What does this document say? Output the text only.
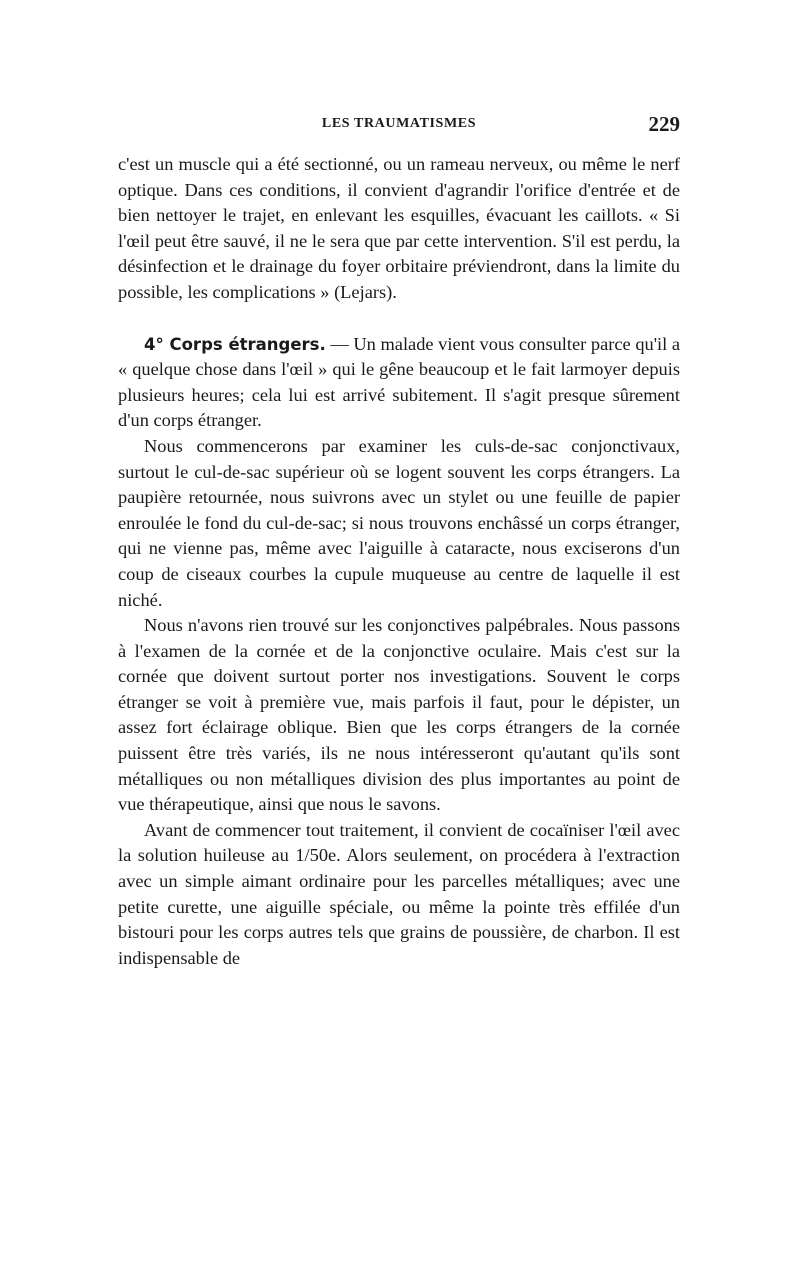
LES TRAUMATISMES	229

c'est un muscle qui a été sectionné, ou un rameau nerveux, ou même le nerf optique. Dans ces conditions, il convient d'agrandir l'orifice d'entrée et de bien nettoyer le trajet, en enlevant les esquilles, évacuant les caillots. « Si l'œil peut être sauvé, il ne le sera que par cette intervention. S'il est perdu, la désinfection et le drainage du foyer orbitaire préviendront, dans la limite du possible, les complications » (Lejars).

4° Corps étrangers. — Un malade vient vous consulter parce qu'il a « quelque chose dans l'œil » qui le gêne beaucoup et le fait larmoyer depuis plusieurs heures; cela lui est arrivé subitement. Il s'agit presque sûrement d'un corps étranger.

Nous commencerons par examiner les culs-de-sac conjonctivaux, surtout le cul-de-sac supérieur où se logent souvent les corps étrangers. La paupière retournée, nous suivrons avec un stylet ou une feuille de papier enroulée le fond du cul-de-sac; si nous trouvons enchâssé un corps étranger, qui ne vienne pas, même avec l'aiguille à cataracte, nous exciserons d'un coup de ciseaux courbes la cupule muqueuse au centre de laquelle il est niché.

Nous n'avons rien trouvé sur les conjonctives palpébrales. Nous passons à l'examen de la cornée et de la conjonctive oculaire. Mais c'est sur la cornée que doivent surtout porter nos investigations. Souvent le corps étranger se voit à première vue, mais parfois il faut, pour le dépister, un assez fort éclairage oblique. Bien que les corps étrangers de la cornée puissent être très variés, ils ne nous intéresseront qu'autant qu'ils sont métalliques ou non métalliques division des plus importantes au point de vue thérapeutique, ainsi que nous le savons.

Avant de commencer tout traitement, il convient de cocaïniser l'œil avec la solution huileuse au 1/50e. Alors seulement, on procédera à l'extraction avec un simple aimant ordinaire pour les parcelles métalliques; avec une petite curette, une aiguille spéciale, ou même la pointe très effilée d'un bistouri pour les corps autres tels que grains de poussière, de charbon. Il est indispensable de
